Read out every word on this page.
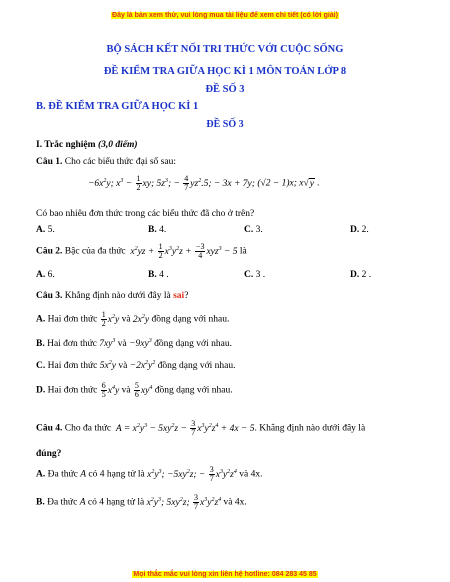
Đây là bản xem thử, vui lòng mua tài liệu để xem chi tiết (có lời giải)
BỘ SÁCH KẾT NỐI TRI THỨC VỚI CUỘC SỐNG
ĐỀ KIỂM TRA GIỮA HỌC KÌ 1 MÔN TOÁN LỚP 8
ĐỀ SỐ 3
B. ĐỀ KIỂM TRA GIỮA HỌC KÌ 1
ĐỀ SỐ 3
I. Trắc nghiệm (3,0 điểm)
Câu 1. Cho các biểu thức đại số sau:
$-6x^2y$; $x^3 - \frac{1}{2}$ xy; $5z^3$; − $\frac{4}{7} yz^2.5$; − 3x + 7y; (√2 − 1)x; x√y .
Có bao nhiêu đơn thức trong các biểu thức đã cho ở trên?
A. 5.	B. 4.	C. 3.	D. 2.
Câu 2. Bậc của đa thức  $x^2yz + \frac{1}{2} x^3y^2z + \frac{-3}{4} xyz^3 - 5$ là
A. 6.	B. 4 .	C. 3 .	D. 2 .
Câu 3. Khẳng định nào dưới đây là sai?
A. Hai đơn thức $\frac{1}{2} x^2y$ và $2x^2y$ đồng dạng với nhau.
B. Hai đơn thức $7xy^3$ và $-9xy^3$ đồng dạng với nhau.
C. Hai đơn thức $5x^2y$ và $-2x^2y^2$ đồng dạng với nhau.
D. Hai đơn thức $\frac{6}{5} x^4y$ và $\frac{5}{6} xy^4$ đồng dạng với nhau.
Câu 4. Cho đa thức  $A = x^2y^3 - 5xy^2z - \frac{3}{7} x^3y^2z^4 + 4x - 5$. Khẳng định nào dưới đây là
đúng?
A. Đa thức A có 4 hạng tử là $x^2y^3$; $-5xy^2z$; − $\frac{3}{7} x^3y^2z^4$ và 4x.
B. Đa thức A có 4 hạng tử là $x^2y^3$; $5xy^2z$; $\frac{3}{7} x^3y^2z^4$ và 4x.
Mọi thắc mắc vui lòng xin liên hệ hotline: 084 283 45 85
